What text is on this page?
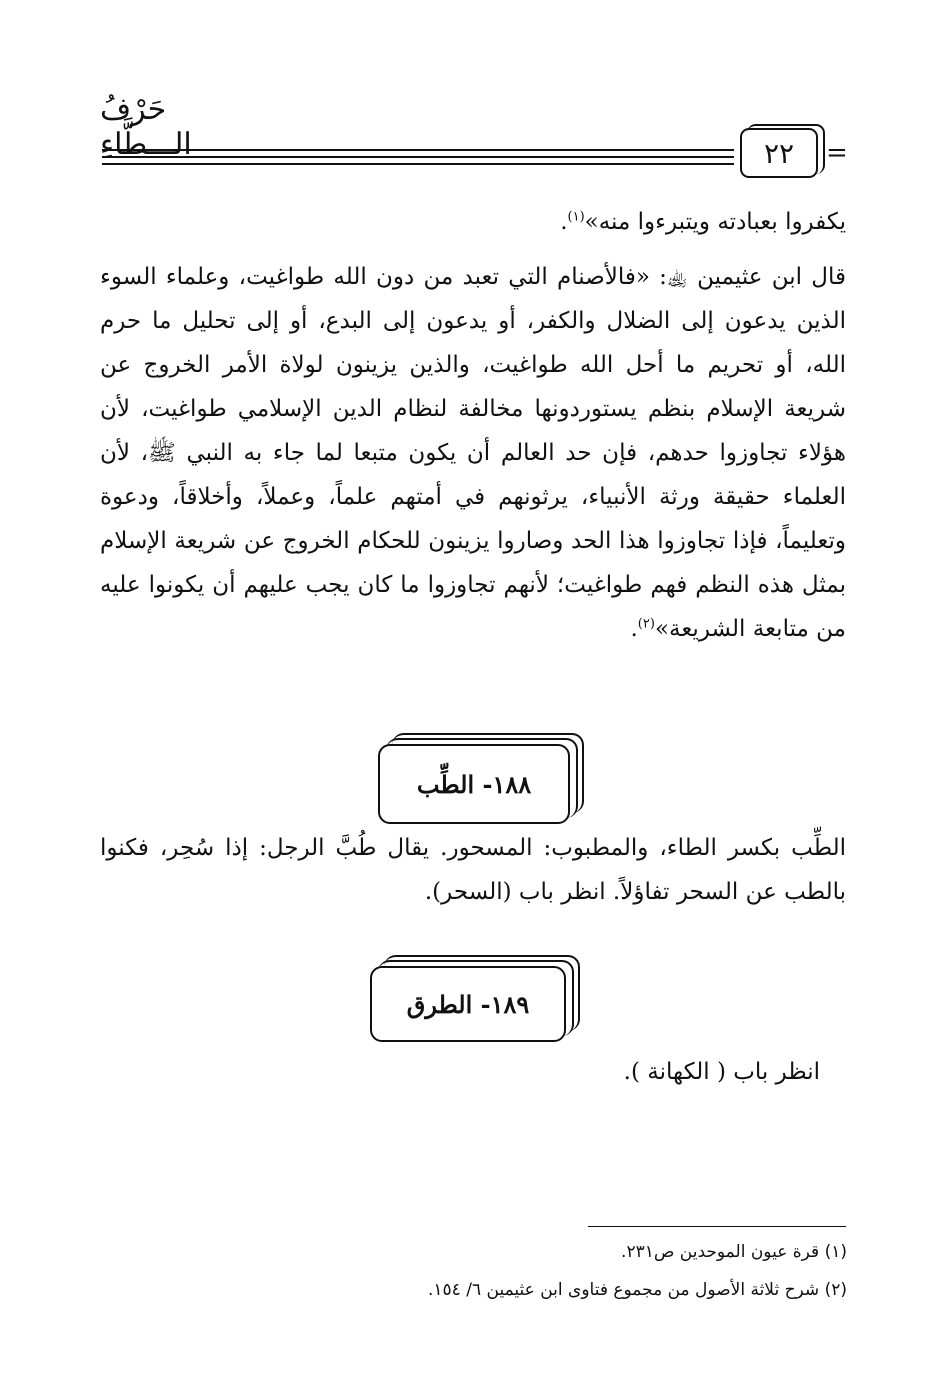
حَرْفُ الـــطَّاءِ	٢٢	=
يكفروا بعبادته ويتبرءوا منه»$^{(١)}$.
قال ابن عثيمين ﵀: «فالأصنام التي تعبد من دون الله طواغيت، وعلماء السوء الذين يدعون إلى الضلال والكفر، أو يدعون إلى البدع، أو إلى تحليل ما حرم الله، أو تحريم ما أحل الله طواغيت، والذين يزينون لولاة الأمر الخروج عن شريعة الإسلام بنظم يستوردونها مخالفة لنظام الدين الإسلامي طواغيت، لأن هؤلاء تجاوزوا حدهم، فإن حد العالم أن يكون متبعا لما جاء به النبي ﷺ، لأن العلماء حقيقة ورثة الأنبياء، يرثونهم في أمتهم علماً، وعملاً، وأخلاقاً، ودعوة وتعليماً، فإذا تجاوزوا هذا الحد وصاروا يزينون للحكام الخروج عن شريعة الإسلام بمثل هذه النظم فهم طواغيت؛ لأنهم تجاوزوا ما كان يجب عليهم أن يكونوا عليه من متابعة الشريعة»$^{(٢)}$.
١٨٨- الطِّب
الطِّب بكسر الطاء، والمطبوب: المسحور. يقال طُبَّ الرجل: إذا سُحِر، فكنوا بالطب عن السحر تفاؤلاً. انظر باب (السحر).
١٨٩- الطرق
انظر باب ( الكهانة ).
(١) قرة عيون الموحدين ص٢٣١.
(٢) شرح ثلاثة الأصول من مجموع فتاوى ابن عثيمين ٦/ ١٥٤.
